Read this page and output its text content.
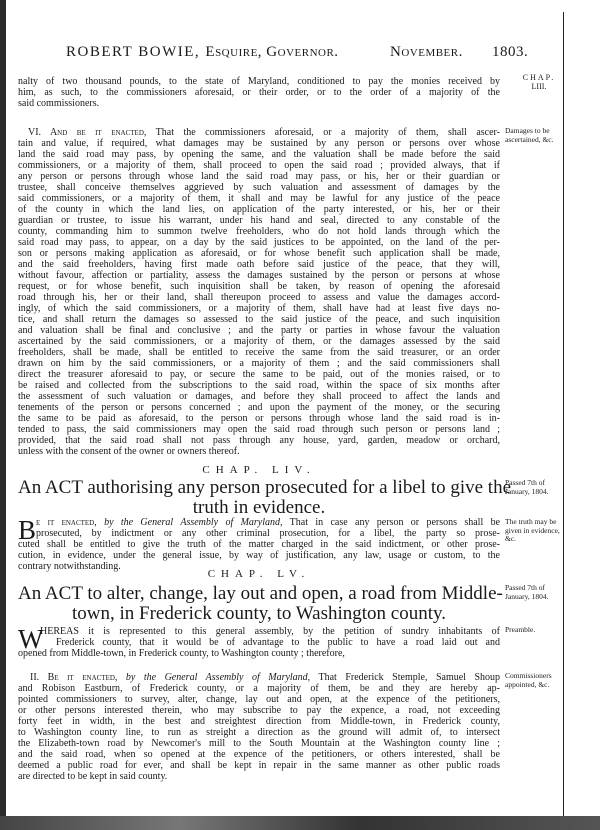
ROBERT BOWIE, Esquire, Governor.	November. 1803.
CHAP.
LIII.
nalty of two thousand pounds, to the state of Maryland, conditioned to pay the monies received by
him, as such, to the commissioners aforesaid, or their order, or to the order of a majority of the
said commissioners.
VI. And be it enacted, That the commissioners aforesaid, or a majority of them, shall ascer-
tain and value, if required, what damages may be sustained by any person or persons over whose
land the said road may pass, by opening the same, and the valuation shall be made before the said
commissioners, or a majority of them, shall proceed to open the said road ; provided always, that if
any person or persons through whose land the said road may pass, or his, her or their guardian or
trustee, shall conceive themselves aggrieved by such valuation and assessment of damages by the
said commissioners, or a majority of them, it shall and may be lawful for any justice of the peace
of the county in which the land lies, on application of the party interested, or his, her or their
guardian or trustee, to issue his warrant, under his hand and seal, directed to any constable of the
county, commanding him to summon twelve freeholders, who do not hold lands through which the
said road may pass, to appear, on a day by the said justices to be appointed, on the land of the per-
son or persons making application as aforesaid, or for whose benefit such application shall be made,
and the said freeholders, having first made oath before said justice of the peace, that they will,
without favour, affection or partiality, assess the damages sustained by the person or persons at whose
request, or for whose benefit, such inquisition shall be taken, by reason of opening the aforesaid
road through his, her or their land, shall thereupon proceed to assess and value the damages accord-
ingly, of which the said commissioners, or a majority of them, shall have had at least five days no-
tice, and shall return the damages so assessed to the said justice of the peace, and such inquisition
and valuation shall be final and conclusive ; and the party or parties in whose favour the valuation
ascertained by the said commissioners, or a majority of them, or the damages assessed by the said
freeholders, shall be made, shall be entitled to receive the same from the said treasurer, or an order
drawn on him by the said commissioners, or a majority of them ; and the said commissioners shall
direct the treasurer aforesaid to pay, or secure the same to be paid, out of the monies raised, or to
be raised and collected from the subscriptions to the said road, within the space of six months after
the assessment of such valuation or damages, and before they shall proceed to affect the lands and
tenements of the person or persons concerned ; and upon the payment of the money, or the securing
the same to be paid as aforesaid, to the person or persons through whose land the said road is in-
tended to pass, the said commissioners may open the said road through such person or persons land ;
provided, that the said road shall not pass through any house, yard, garden, meadow or orchard,
unless with the consent of the owner or owners thereof.
Damages to be ascertained, &c.
CHAP. LIV.
An ACT authorising any person prosecuted for a libel to give the
truth in evidence.
Passed 7th of January, 1804.
B e it enacted, by the General Assembly of Maryland, That in case any person or persons shall be
prosecuted, by indictment or any other criminal prosecution, for a libel, the party so prose-
cuted shall be entitled to give the truth of the matter charged in the said indictment, or other prose-
cution, in evidence, under the general issue, by way of justification, any law, usage or custom, to the
contrary notwithstanding.
The truth may be given in evidence, &c.
CHAP. LV.
An ACT to alter, change, lay out and open, a road from Middle-
town, in Frederick county, to Washington county.
Passed 7th of January, 1804.
W
HEREAS it is represented to this general assembly, by the petition of sundry inhabitants of
Frederick county, that it would be of advantage to the public to have a road laid out and
opened from Middle-town, in Frederick county, to Washington county ; therefore,
Preamble.
II. Be it enacted, by the General Assembly of Maryland, That Frederick Stemple, Samuel Shoup
and Robison Eastburn, of Frederick county, or a majority of them, be and they are hereby ap-
pointed commissioners to survey, alter, change, lay out and open, at the expence of the petitioners,
or other persons interested therein, who may subscribe to pay the expence, a road, not exceeding
forty feet in width, in the best and streightest direction from Middle-town, in Frederick county,
to Washington county line, to run as streight a direction as the ground will admit of, to intersect
the Elizabeth-town road by Newcomer's mill to the South Mountain at the Washington county line ;
and the said road, when so opened at the expence of the petitioners, or others interested, shall be
deemed a public road for ever, and shall be kept in repair in the same manner as other public roads
are directed to be kept in said county.
Commissioners appointed, &c.
